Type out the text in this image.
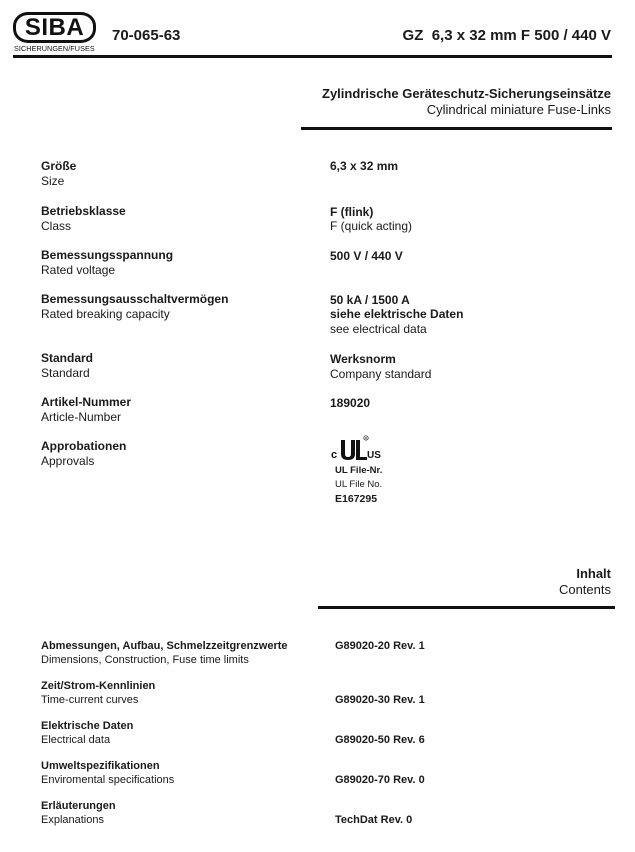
SIBA
SICHERUNGEN/FUSES
70-065-63	GZ  6,3 x 32 mm F 500 / 440 V
Zylindrische Geräteschutz-Sicherungseinsätze
Cylindrical miniature Fuse-Links
Größe
Size
6,3 x 32 mm
Betriebsklasse
Class
F (flink)
F (quick acting)
Bemessungsspannung
Rated voltage
500 V / 440 V
Bemessungsausschaltvermögen
Rated breaking capacity
50 kA / 1500 A
siehe elektrische Daten
see electrical data
Standard
Standard
Werksnorm
Company standard
Artikel-Nummer
Article-Number
189020
Approbationen
Approvals	c	US
R
UL File-Nr.
UL File No.
E167295
Inhalt
Contents
Abmessungen, Aufbau, Schmelzzeitgrenzwerte
Dimensions, Construction, Fuse time limits
G89020-20 Rev. 1
Zeit/Strom-Kennlinien
Time-current curves	G89020-30 Rev. 1
Elektrische Daten
Electrical data	G89020-50 Rev. 6
Umweltspezifikationen
Enviromental specifications	G89020-70 Rev. 0
Erläuterungen
Explanations	TechDat Rev. 0
